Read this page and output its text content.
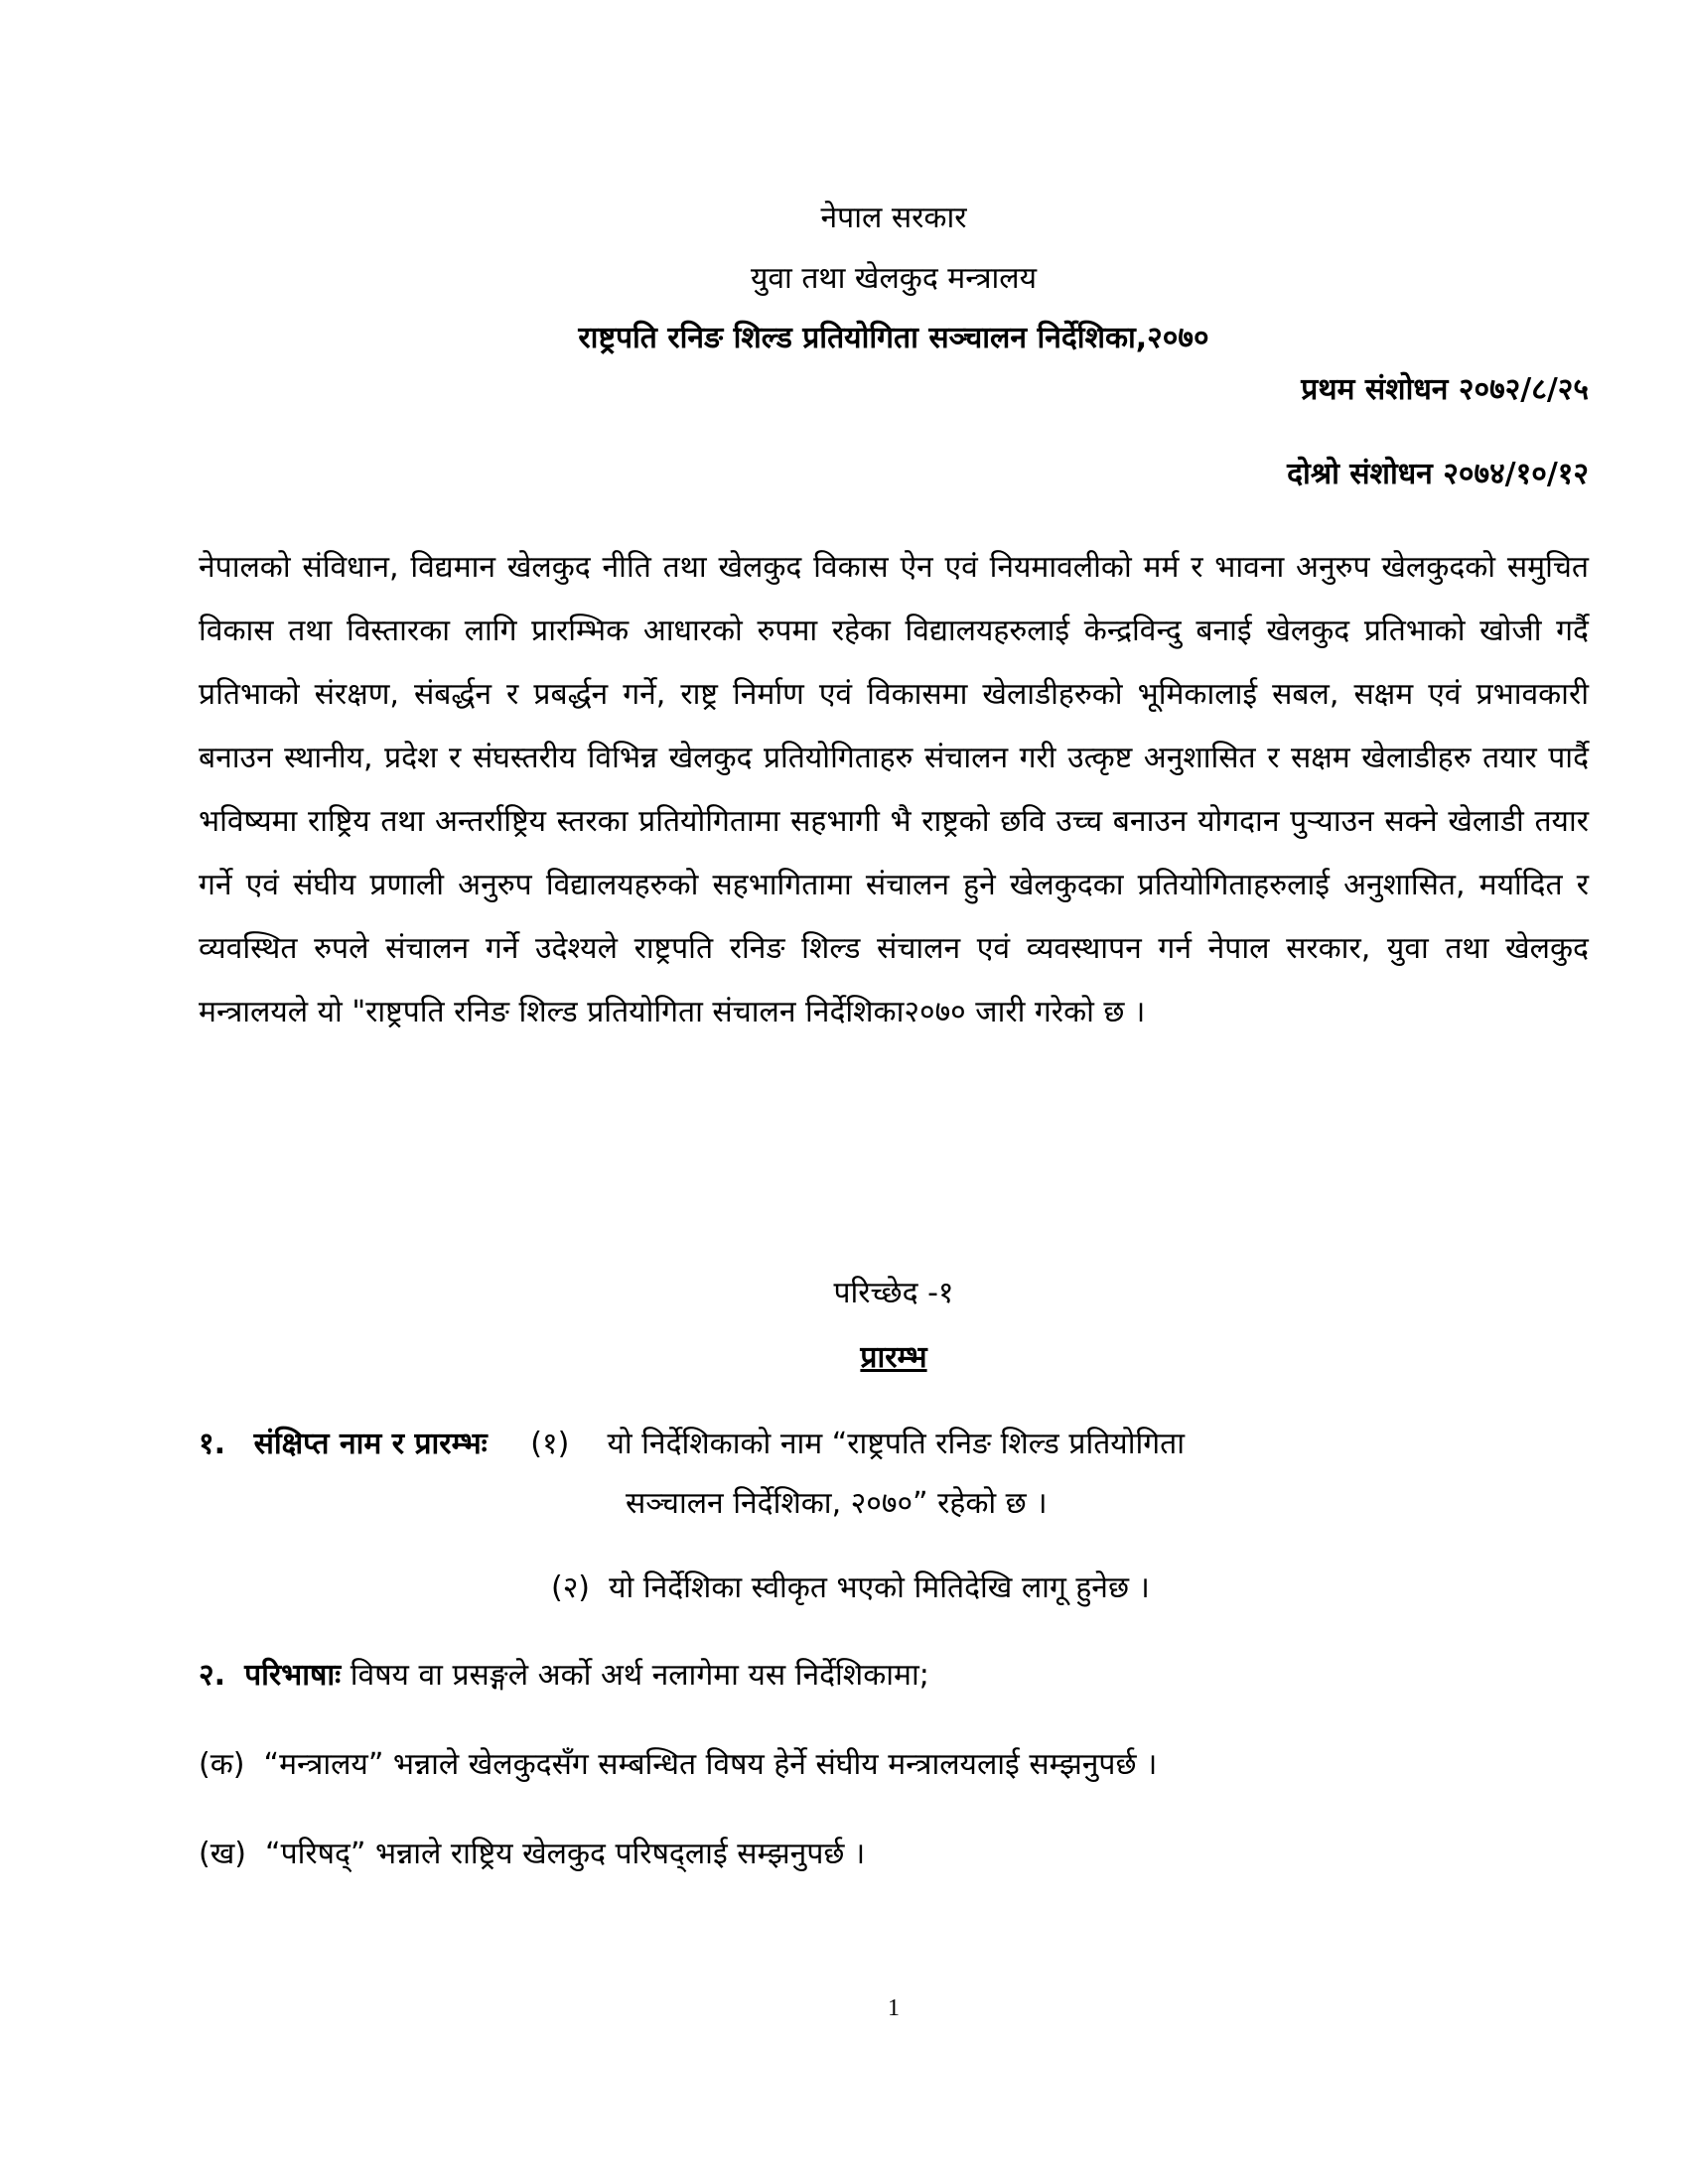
नेपाल सरकार
युवा तथा खेलकुद मन्त्रालय
राष्ट्रपति रनिङ शिल्ड प्रतियोगिता सञ्चालन निर्देशिका,२०७०
प्रथम संशोधन २०७२/८/२५
दोश्रो संशोधन २०७४/१०/१२
नेपालको संविधान, विद्यमान खेलकुद नीति तथा खेलकुद विकास ऐन एवं नियमावलीको मर्म र भावना अनुरुप खेलकुदको समुचित विकास तथा विस्तारका लागि प्रारम्भिक आधारको रुपमा रहेका विद्यालयहरुलाई केन्द्रविन्दु बनाई खेलकुद प्रतिभाको खोजी गर्दै प्रतिभाको संरक्षण, संबर्द्धन र प्रबर्द्धन गर्ने, राष्ट्र निर्माण एवं विकासमा खेलाडीहरुको भूमिकालाई सबल, सक्षम एवं प्रभावकारी बनाउन स्थानीय, प्रदेश र संघस्तरीय विभिन्न खेलकुद प्रतियोगिताहरु संचालन गरी उत्कृष्ट अनुशासित र सक्षम खेलाडीहरु तयार पार्दै भविष्यमा राष्ट्रिय तथा अन्तर्राष्ट्रिय स्तरका प्रतियोगितामा सहभागी भै राष्ट्रको छवि उच्च बनाउन योगदान पुऱ्याउन सक्ने खेलाडी तयार गर्ने एवं संघीय प्रणाली अनुरुप विद्यालयहरुको सहभागितामा संचालन हुने खेलकुदका प्रतियोगिताहरुलाई अनुशासित, मर्यादित र व्यवस्थित रुपले संचालन गर्ने उदेश्यले राष्ट्रपति रनिङ शिल्ड संचालन एवं व्यवस्थापन गर्न नेपाल सरकार, युवा तथा खेलकुद मन्त्रालयले यो "राष्ट्रपति रनिङ शिल्ड प्रतियोगिता संचालन निर्देशिका२०७० जारी गरेको छ ।
परिच्छेद -१
प्रारम्भ
१. संक्षिप्त नाम र प्रारम्भः (१) यो निर्देशिकाको नाम “राष्ट्रपति रनिङ शिल्ड प्रतियोगिता
सञ्चालन निर्देशिका, २०७०” रहेको छ ।
(२) यो निर्देशिका स्वीकृत भएको मितिदेखि लागू हुनेछ ।
२. परिभाषाः विषय वा प्रसङ्गले अर्को अर्थ नलागेमा यस निर्देशिकामा;
(क) “मन्त्रालय” भन्नाले खेलकुदसँग सम्बन्धित विषय हेर्ने संघीय मन्त्रालयलाई सम्झनुपर्छ ।
(ख) “परिषद्” भन्नाले राष्ट्रिय खेलकुद परिषद्लाई सम्झनुपर्छ ।
1
